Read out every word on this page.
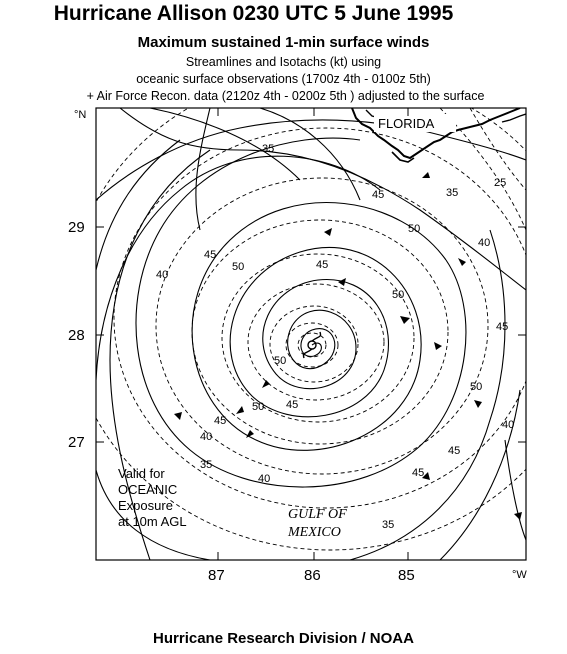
Hurricane Allison 0230 UTC 5 June 1995
Maximum sustained 1-min surface winds
Streamlines and Isotachs (kt) using
oceanic surface observations (1700z 4th - 0100z 5th)
+ Air Force Recon. data (2120z 4th - 0200z 5th ) adjusted to the surface
35
25
35
45
50
40
45
50
40
45
50
45
50
50 45
40
50
45
40
35
45
35
40
45
FLORIDA
GULF OF
MEXICO
29
28
27
87	86	85
°N
°W
Valid for
OCEANIC
Exposure
at 10m AGL
Hurricane Research Division / NOAA
